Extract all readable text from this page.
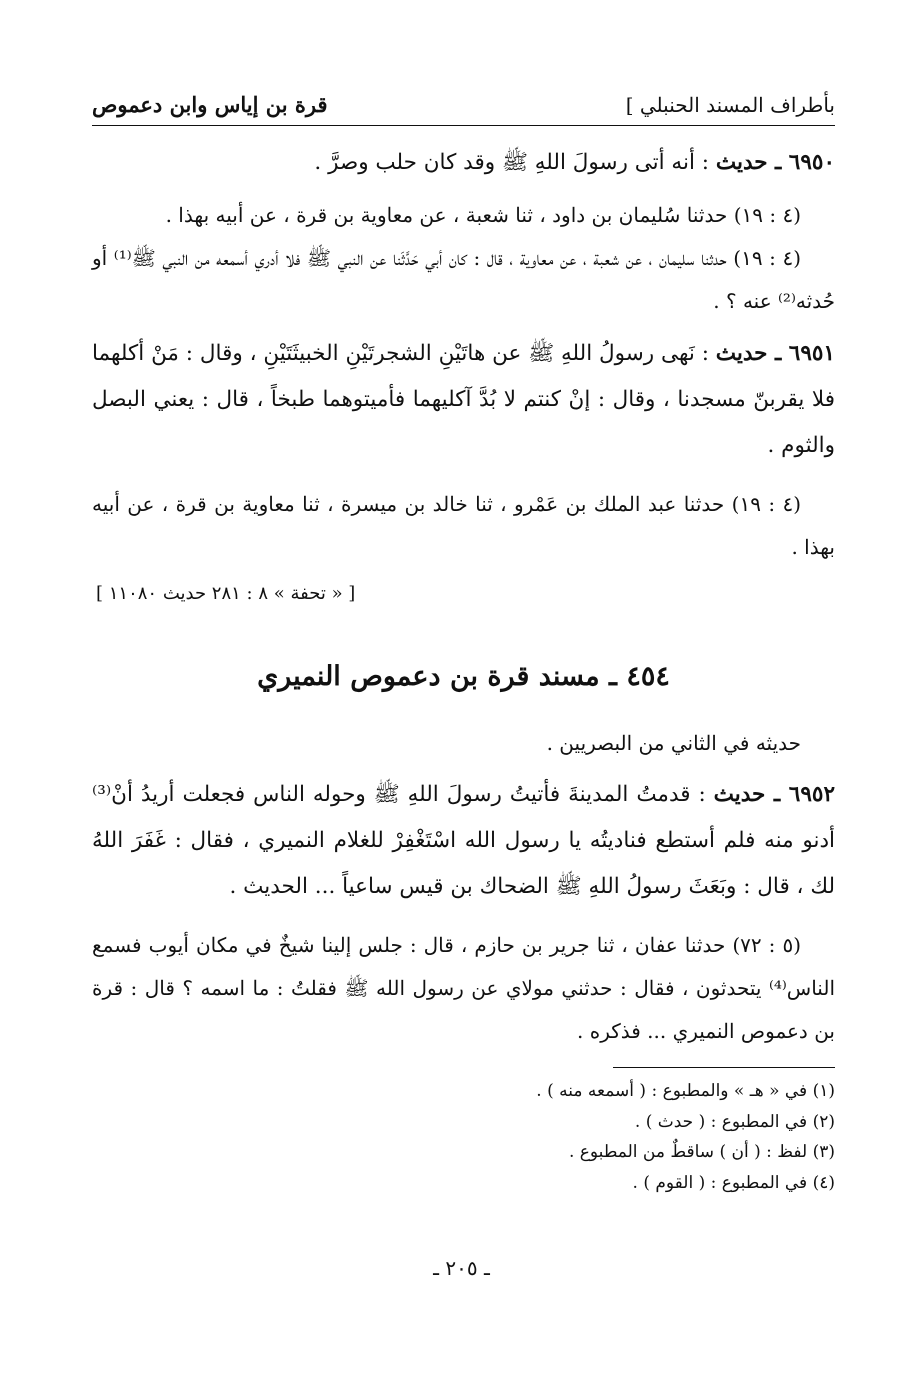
بأطراف المسند الحنبلي ]
قرة بن إياس وابن دعموص

٦٩٥٠ ـ حديث : أنه أتى رسولَ اللهِ ﷺ وقد كان حلب وصرَّ .

(٤ : ١٩) حدثنا سُليمان بن داود ، ثنا شعبة ، عن معاوية بن قرة ، عن أبيه بهذا .

(٤ : ١٩) حدثنا سليمان ، عن شعبة ، عن معاوية ، قال : كان أبي حَدَّثَنا عن النبي ﷺ فلا أدري أسمعه من النبي ﷺ⁽¹⁾ أو حُدثه⁽²⁾ عنه ؟ .

٦٩٥١ ـ حديث : نَهى رسولُ اللهِ ﷺ عن هاتَيْنِ الشجرتَيْنِ الخبيثَتَيْنِ ، وقال : مَنْ أكلهما فلا يقربنّ مسجدنا ، وقال : إنْ كنتم لا بُدَّ آكليهما فأميتوهما طبخاً ، قال : يعني البصل والثوم .

(٤ : ١٩) حدثنا عبد الملك بن عَمْرو ، ثنا خالد بن ميسرة ، ثنا معاوية بن قرة ، عن أبيه بهذا .

[ « تحفة » ٨ : ٢٨١ حديث ١١٠٨٠ ]

٤٥٤ ـ مسند قرة بن دعموص النميري

حديثه في الثاني من البصريين .

٦٩٥٢ ـ حديث : قدمتُ المدينةَ فأتيتُ رسولَ اللهِ ﷺ وحوله الناس فجعلت أريدُ أنْ⁽³⁾ أدنو منه فلم أستطع فناديتُه يا رسول الله اسْتَغْفِرْ للغلام النميري ، فقال : غَفَرَ اللهُ لك ، قال : وبَعَثَ رسولُ اللهِ ﷺ الضحاك بن قيس ساعياً ... الحديث .

(٥ : ٧٢) حدثنا عفان ، ثنا جرير بن حازم ، قال : جلس إلينا شيخٌ في مكان أيوب فسمع الناس⁽⁴⁾ يتحدثون ، فقال : حدثني مولاي عن رسول الله ﷺ فقلتُ : ما اسمه ؟ قال : قرة بن دعموص النميري ... فذكره .

(١) في « هـ » والمطبوع : ( أسمعه منه ) .

(٢) في المطبوع : ( حدث ) .

(٣) لفظ : ( أن ) ساقطٌ من المطبوع .

(٤) في المطبوع : ( القوم ) .

ـ ٢٠٥ ـ
